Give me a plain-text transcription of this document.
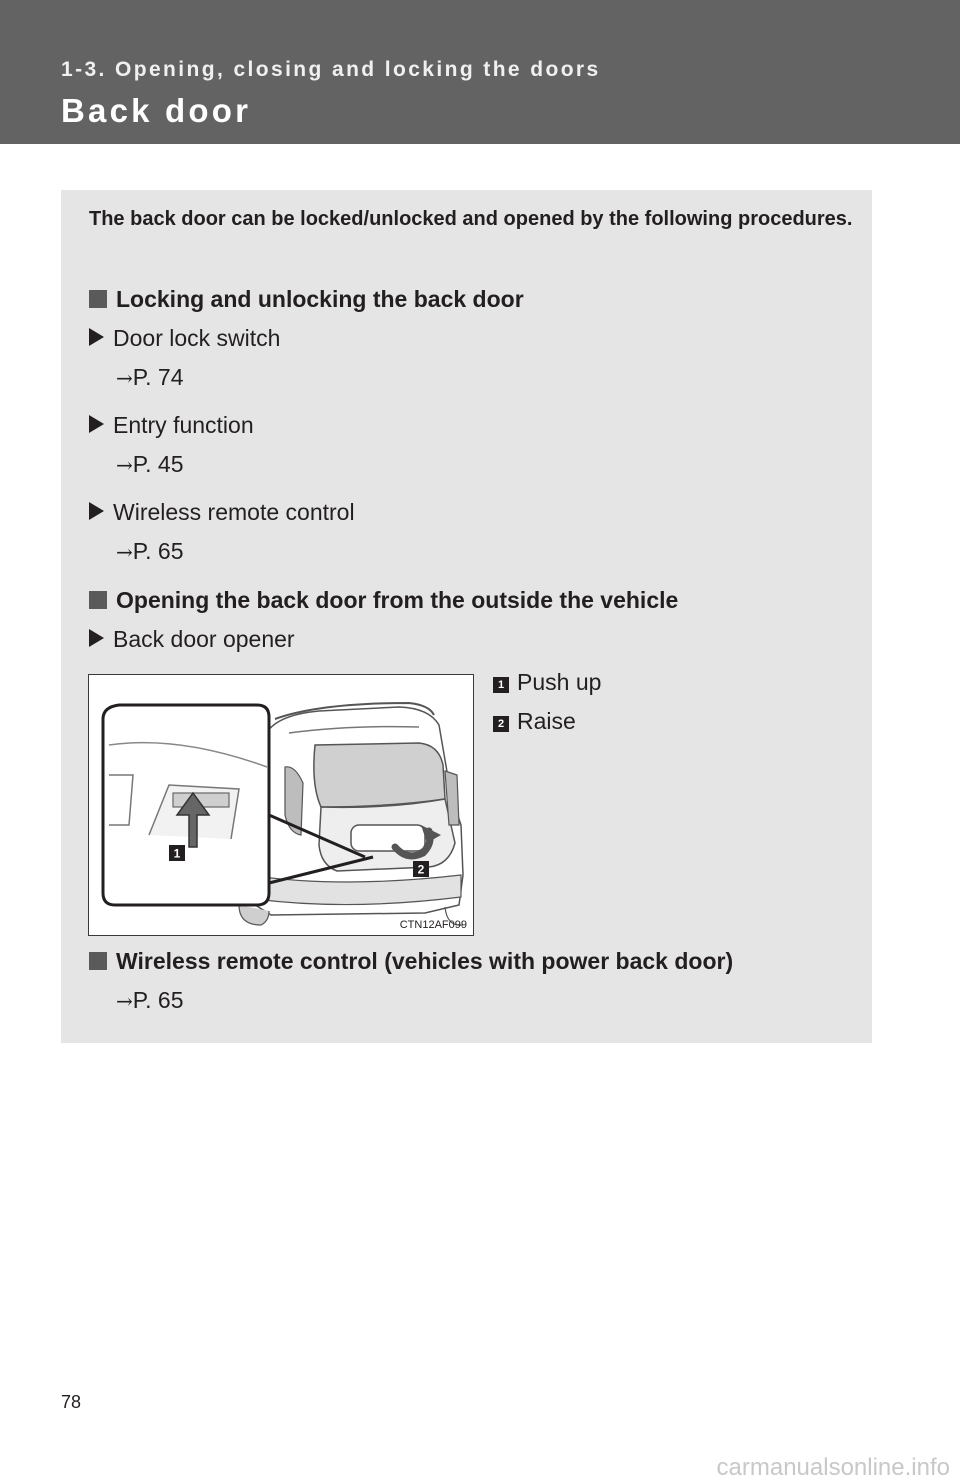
1-3. Opening, closing and locking the doors

Back door
The back door can be locked/unlocked and opened by the following procedures.
Locking and unlocking the back door
Door lock switch
→P. 74
Entry function
→P. 45
Wireless remote control
→P. 65
Opening the back door from the outside the vehicle
Back door opener
1
2
CTN12AF099
1 Push up
2 Raise
Wireless remote control (vehicles with power back door)
→P. 65
78
carmanualsonline.info
